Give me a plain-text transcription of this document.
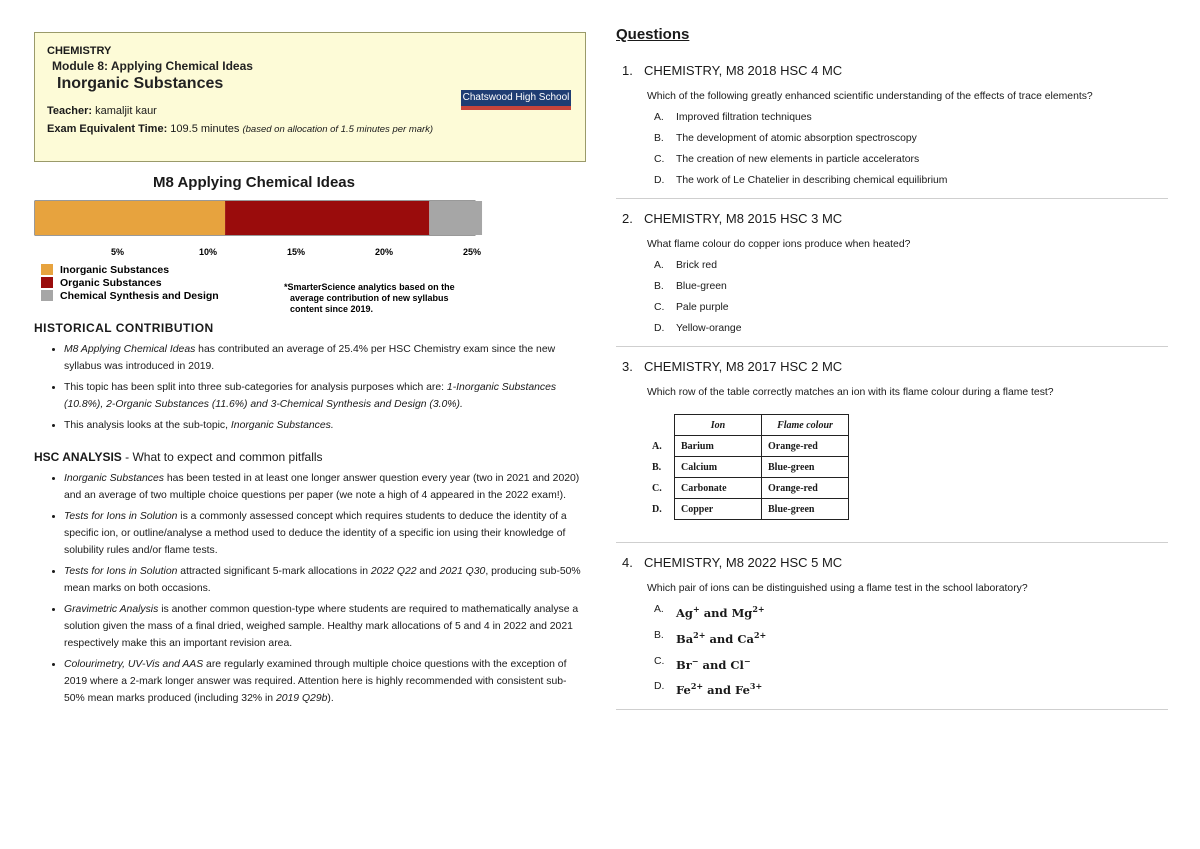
CHEMISTRY
Module 8: Applying Chemical Ideas
Inorganic Substances
Teacher: kamaljit kaur
Exam Equivalent Time: 109.5 minutes (based on allocation of 1.5 minutes per mark)
Chatswood High School
M8 Applying Chemical Ideas
5%	10%	15%	20%	25%
Inorganic Substances
Organic Substances
Chemical Synthesis and Design
*SmarterScience analytics based on the
average contribution of new syllabus
content since 2019.
HISTORICAL CONTRIBUTION
• M8 Applying Chemical Ideas has contributed an average of 25.4% per HSC Chemistry exam since the new syllabus was introduced in 2019.
• This topic has been split into three sub-categories for analysis purposes which are: 1-Inorganic Substances (10.8%), 2-Organic Substances (11.6%) and 3-Chemical Synthesis and Design (3.0%).
• This analysis looks at the sub-topic, Inorganic Substances.
HSC ANALYSIS - What to expect and common pitfalls
• Inorganic Substances has been tested in at least one longer answer question every year (two in 2021 and 2020) and an average of two multiple choice questions per paper (we note a high of 4 appeared in the 2022 exam!).
• Tests for Ions in Solution is a commonly assessed concept which requires students to deduce the identity of a specific ion, or outline/analyse a method used to deduce the identity of a specific ion using their knowledge of solubility rules and/or flame tests.
• Tests for Ions in Solution attracted significant 5-mark allocations in 2022 Q22 and 2021 Q30, producing sub-50% mean marks on both occasions.
• Gravimetric Analysis is another common question-type where students are required to mathematically analyse a solution given the mass of a final dried, weighed sample. Healthy mark allocations of 5 and 4 in 2022 and 2021 respectively make this an important revision area.
• Colourimetry, UV-Vis and AAS are regularly examined through multiple choice questions with the exception of 2019 where a 2-mark longer answer was required. Attention here is highly recommended with consistent sub-50% mean marks produced (including 32% in 2019 Q29b).
Questions
1. CHEMISTRY, M8 2018 HSC 4 MC
Which of the following greatly enhanced scientific understanding of the effects of trace elements?
A.	Improved filtration techniques
B.	The development of atomic absorption spectroscopy
C.	The creation of new elements in particle accelerators
D.	The work of Le Chatelier in describing chemical equilibrium
2. CHEMISTRY, M8 2015 HSC 3 MC
What flame colour do copper ions produce when heated?
A.	Brick red
B.	Blue-green
C.	Pale purple
D.	Yellow-orange
3. CHEMISTRY, M8 2017 HSC 2 MC
Which row of the table correctly matches an ion with its flame colour during a flame test?
	Ion	Flame colour
A.	Barium	Orange-red
B.	Calcium	Blue-green
C.	Carbonate	Orange-red
D.	Copper	Blue-green
4. CHEMISTRY, M8 2022 HSC 5 MC
Which pair of ions can be distinguished using a flame test in the school laboratory?
A.	Ag+ and $Mg^{2+}$
B.	$Ba^{2+}$ and $Ca^{2+}$
C.	Br− and Cl−
D.	$Fe^{2+}$ and $Fe^{3+}$
